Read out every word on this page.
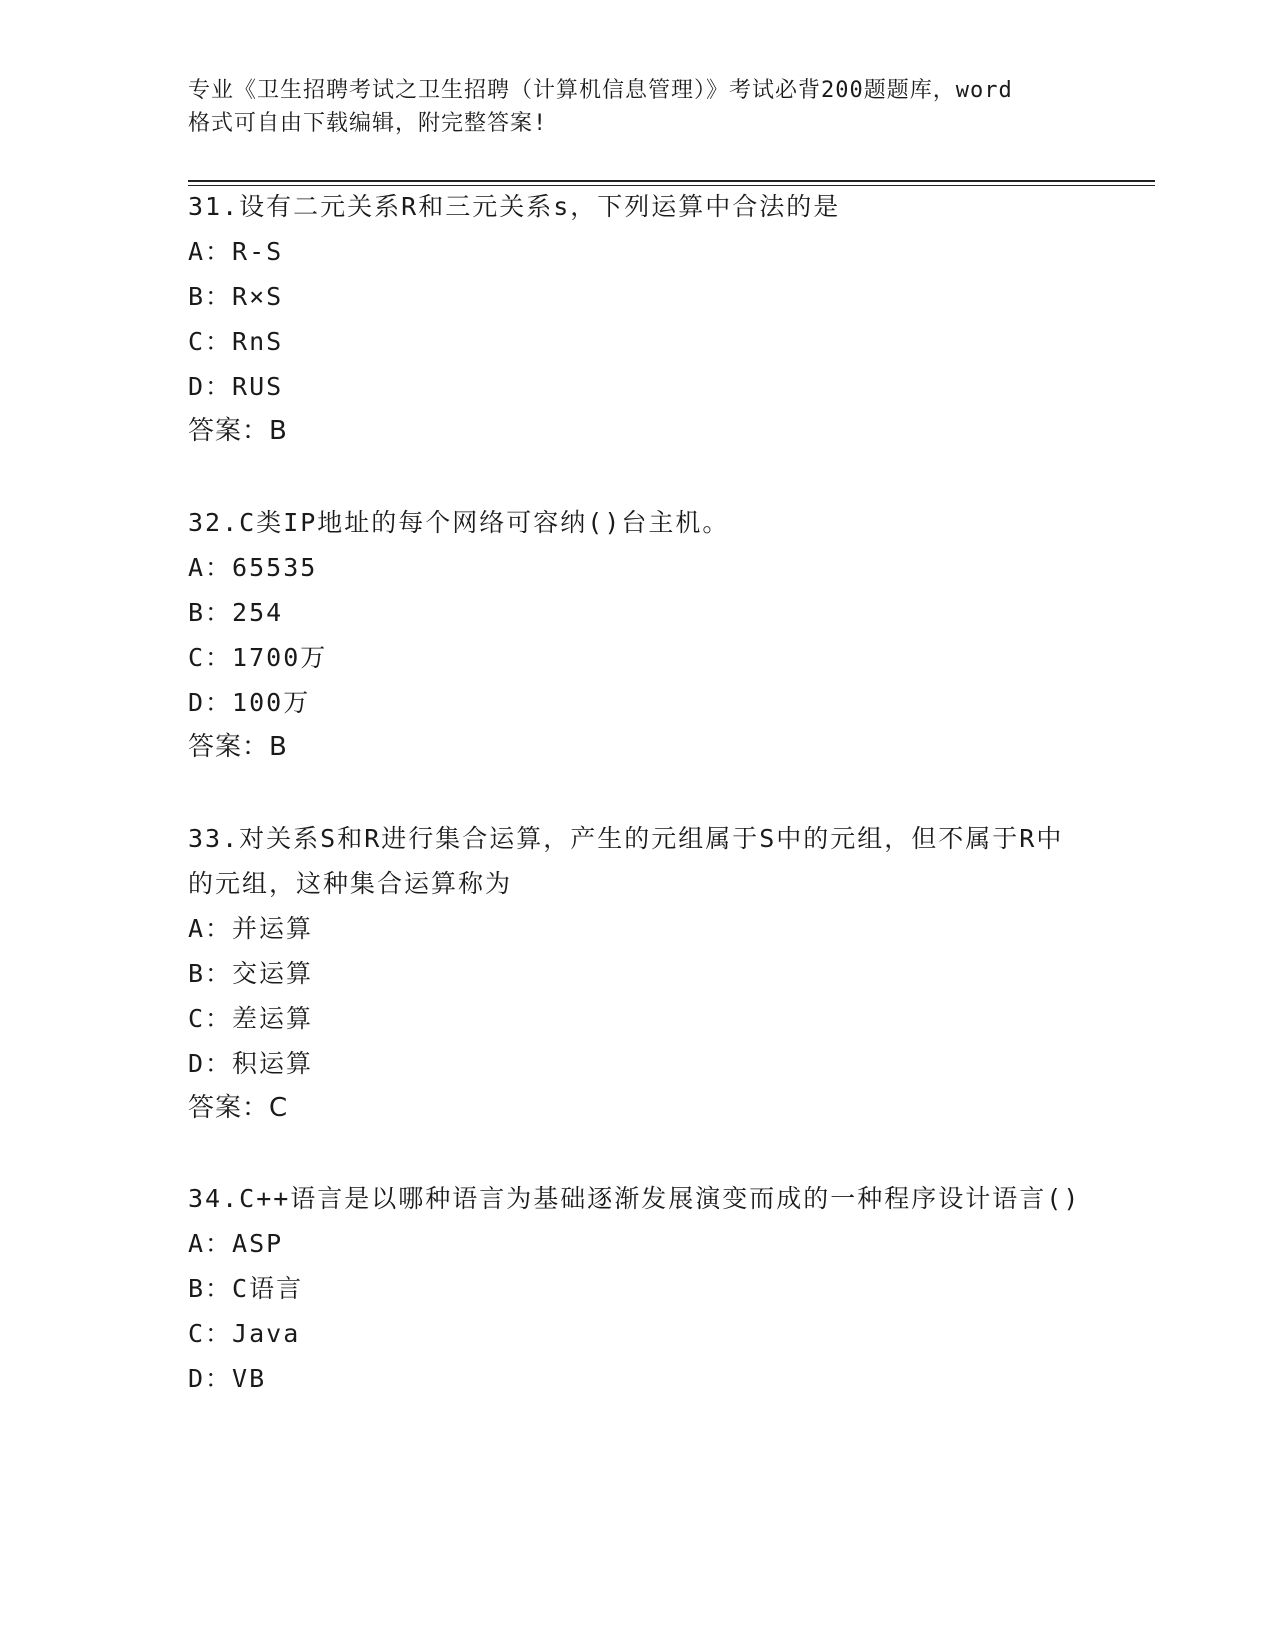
专业《卫生招聘考试之卫生招聘（计算机信息管理）》考试必背200题题库，word
格式可自由下载编辑，附完整答案!

31.设有二元关系R和三元关系s，下列运算中合法的是

A：R-S

B：R×S

C：RnS

D：RUS

答案：B

32.C类IP地址的每个网络可容纳()台主机。

A：65535

B：254

C：1700万

D：100万

答案：B

33.对关系S和R进行集合运算，产生的元组属于S中的元组，但不属于R中的元组，这种集合运算称为

A：并运算

B：交运算

C：差运算

D：积运算

答案：C

34.C++语言是以哪种语言为基础逐渐发展演变而成的一种程序设计语言()

A：ASP

B：C语言

C：Java

D：VB
